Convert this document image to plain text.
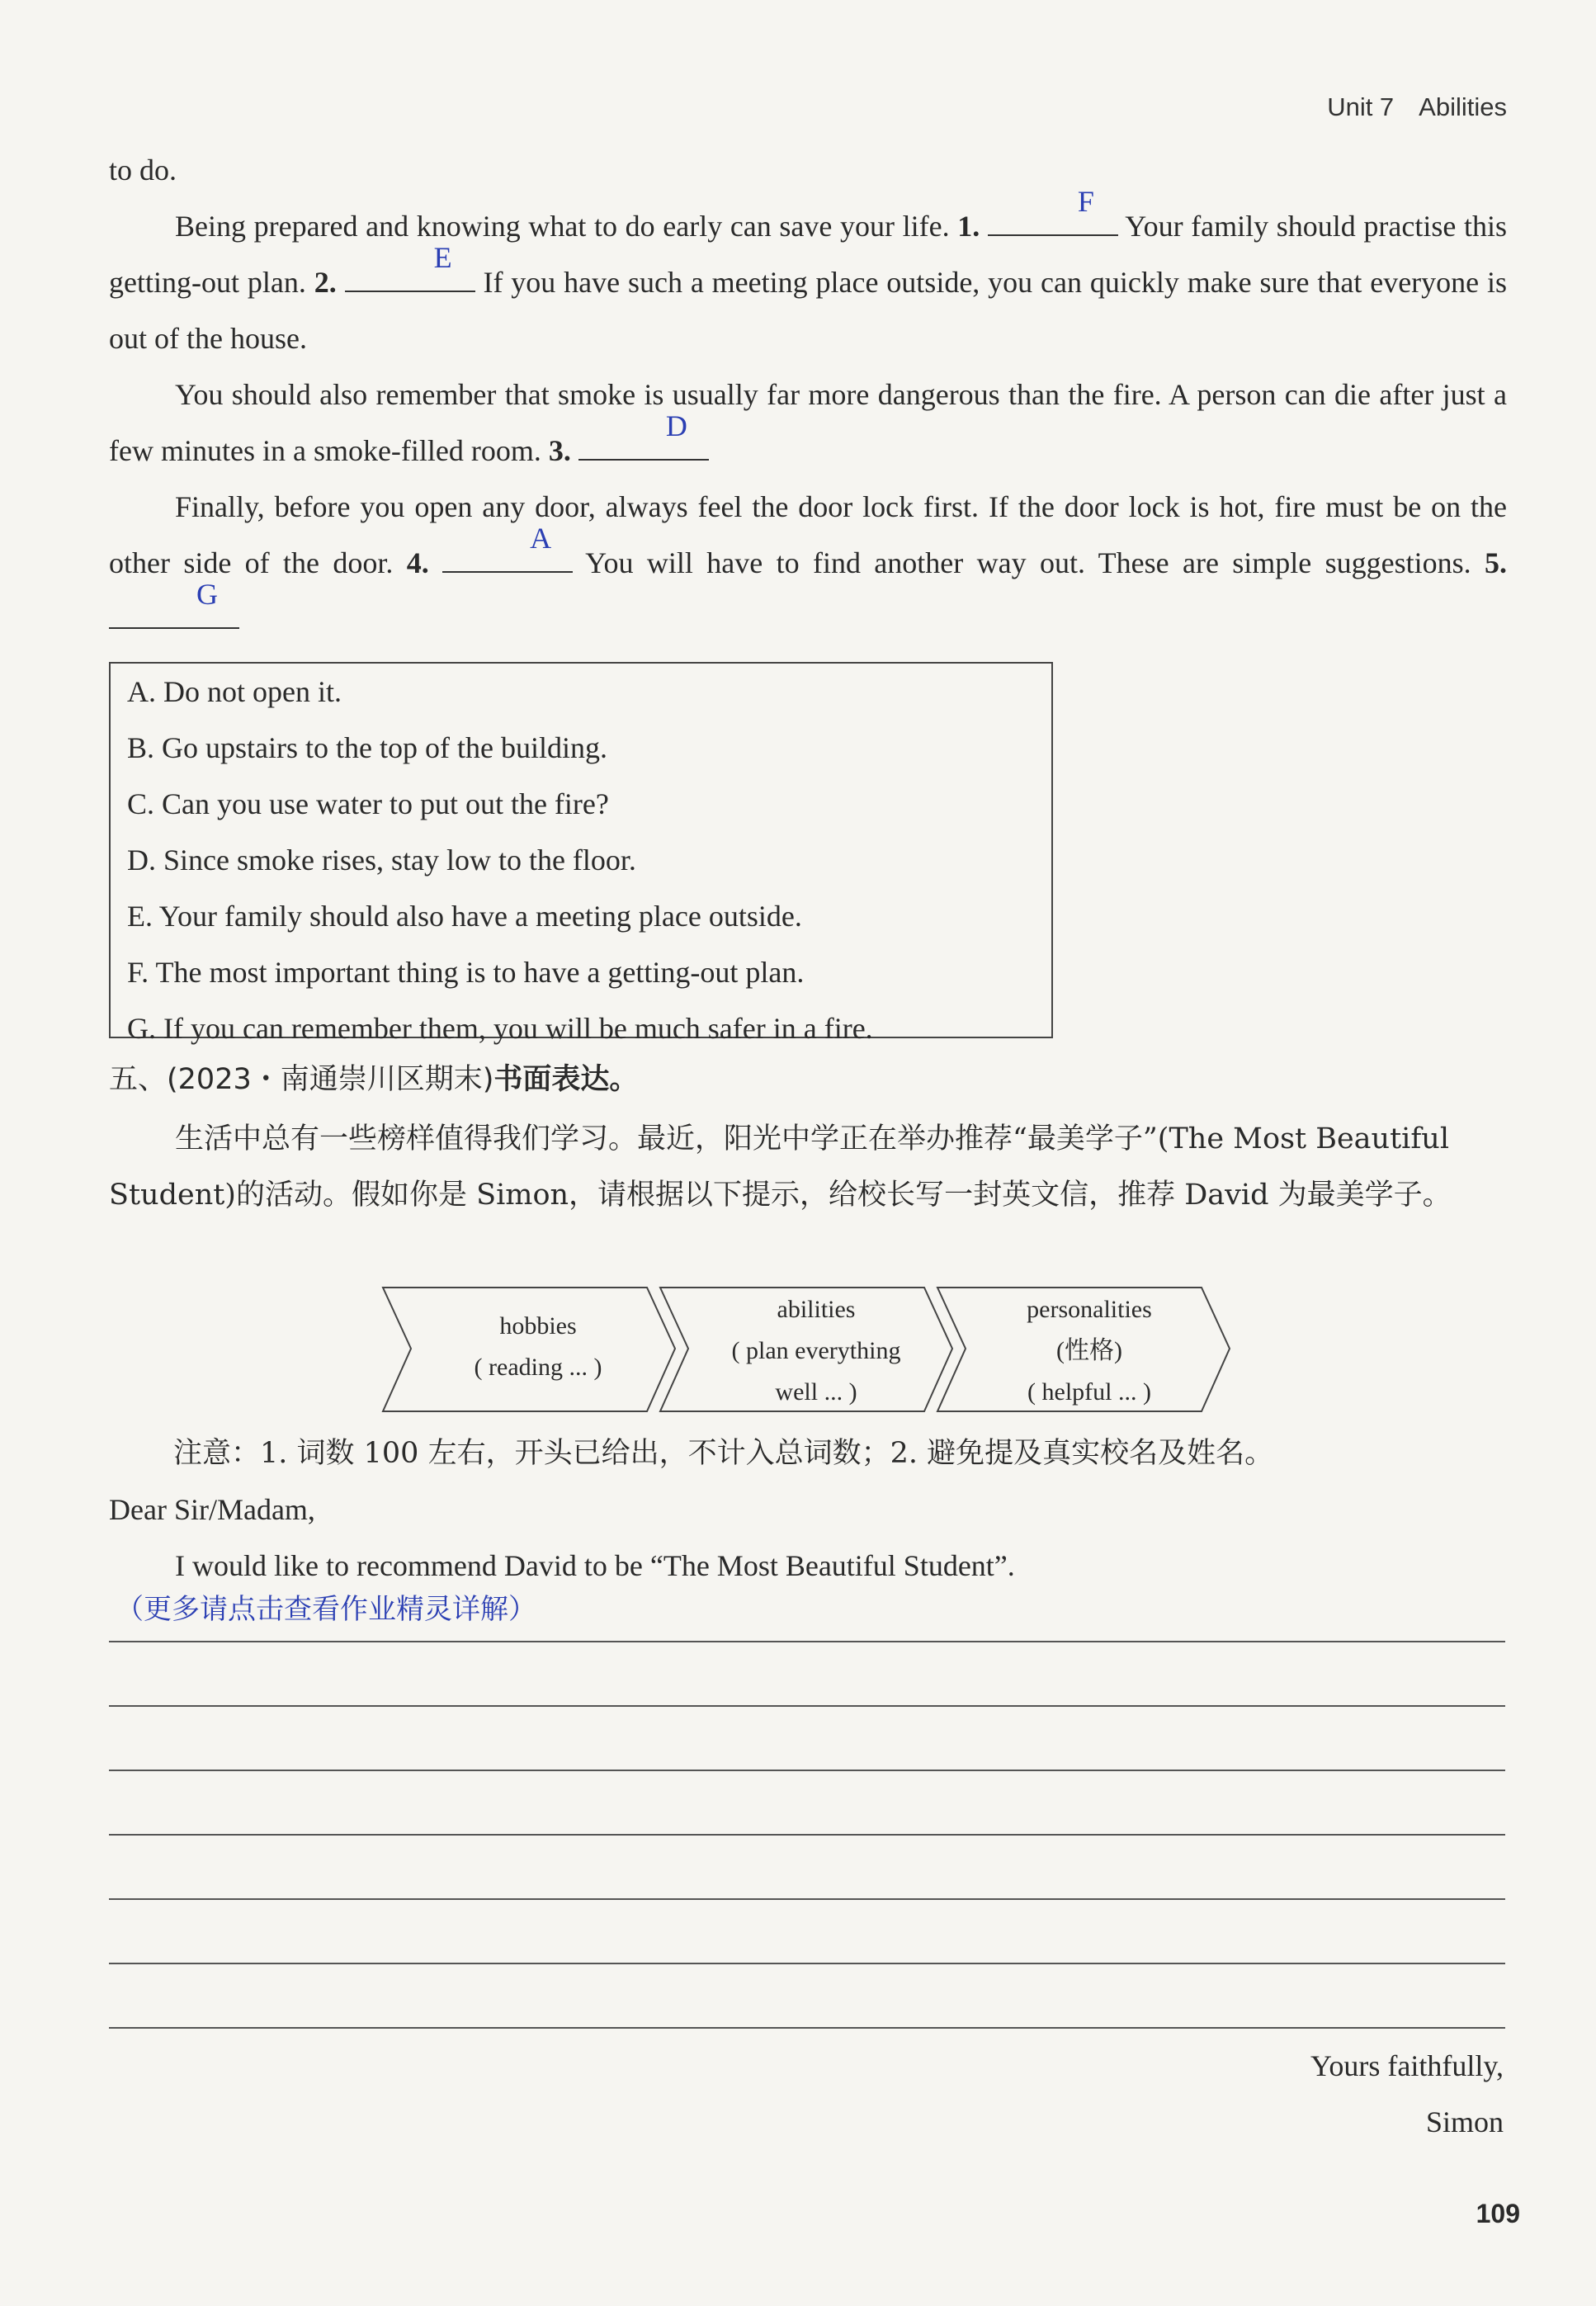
Unit 7 Abilities
to do.
Being prepared and knowing what to do early can save your life. 1.
F
Your family should practise this getting-out plan. 2.
E
If you have such a meeting place outside, you can quickly make sure that everyone is out of the house.
You should also remember that smoke is usually far more dangerous than the fire. A person can die after just a few minutes in a smoke-filled room. 3.
D
Finally, before you open any door, always feel the door lock first. If the door lock is hot, fire must be on the other side of the door. 4.
A
You will have to find another way out. These are simple suggestions. 5.
G
A. Do not open it.
B. Go upstairs to the top of the building.
C. Can you use water to put out the fire?
D. Since smoke rises, stay low to the floor.
E. Your family should also have a meeting place outside.
F. The most important thing is to have a getting-out plan.
G. If you can remember them, you will be much safer in a fire.
五、(2023・南通崇川区期末)书面表达。
生活中总有一些榜样值得我们学习。最近，阳光中学正在举办推荐“最美学子”(The Most Beautiful Student)的活动。假如你是 Simon，请根据以下提示，给校长写一封英文信，推荐 David 为最美学子。
hobbies
( reading ... )
abilities
( plan everything
well ... )
personalities
(性格)
( helpful ... )
注意：1. 词数 100 左右，开头已给出，不计入总词数；2. 避免提及真实校名及姓名。
Dear Sir/Madam,
I would like to recommend David to be “The Most Beautiful Student”.
（更多请点击查看作业精灵详解）
Yours faithfully,
Simon
109
